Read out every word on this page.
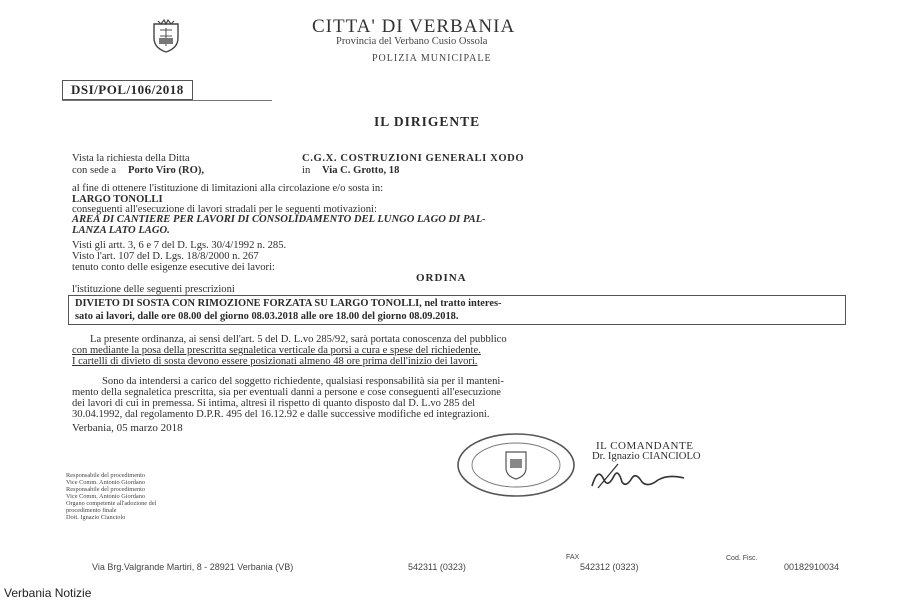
CITTA' DI VERBANIA
Provincia del Verbano Cusio Ossola
POLIZIA MUNICIPALE
DSI/POL/106/2018
IL DIRIGENTE
Vista la richiesta della Ditta	C.G.X. COSTRUZIONI GENERALI XODO
con sede a Porto Viro (RO),	in Via C. Grotto, 18
al fine di ottenere l'istituzione di limitazioni alla circolazione e/o sosta in:
LARGO TONOLLI
conseguenti all'esecuzione di lavori stradali per le seguenti motivazioni:
AREA DI CANTIERE PER LAVORI DI CONSOLIDAMENTO DEL LUNGO LAGO DI PAL-
LANZA LATO LAGO.
Visti gli artt. 3, 6 e 7 del D. Lgs. 30/4/1992 n. 285.
Visto l'art. 107 del D. Lgs. 18/8/2000 n. 267
tenuto conto delle esigenze esecutive dei lavori:
ORDINA
l'istituzione delle seguenti prescrizioni
DIVIETO DI SOSTA CON RIMOZIONE FORZATA SU LARGO TONOLLI, nel tratto interes-
sato ai lavori, dalle ore 08.00 del giorno 08.03.2018 alle ore 18.00 del giorno 08.09.2018.
La presente ordinanza, ai sensi dell'art. 5 del D. L.vo 285/92, sarà portata conoscenza del pubblico
con mediante la posa della prescritta segnaletica verticale da porsi a cura e spese del richiedente.
I cartelli di divieto di sosta devono essere posizionati almeno 48 ore prima dell'inizio dei lavori.
Sono da intendersi a carico del soggetto richiedente, qualsiasi responsabilità sia per il manteni-
mento della segnaletica prescritta, sia per eventuali danni a persone e cose conseguenti all'esecuzione
dei lavori di cui in premessa. Si intima, altresì il rispetto di quanto disposto dal D. L.vo 285 del
30.04.1992, dal regolamento D.P.R. 495 del 16.12.92 e dalle successive modifiche ed integrazioni.
Verbania, 05 marzo 2018
IL COMANDANTE
Dr. Ignazio CIANCIOLO
Responsabile del procedimento
Vice Comm. Antonio Giordano
Responsabile del procedimento
Vice Comm. Antonio Giordano
Organo competente all'adozione del
procedimento finale
Dott. Ignazio Cianciolo
Via Brg.Valgrande Martiri, 8 - 28921 Verbania (VB)	542311 (0323)
FAX
542312 (0323)
Cod. Fisc.
00182910034
Verbania Notizie
